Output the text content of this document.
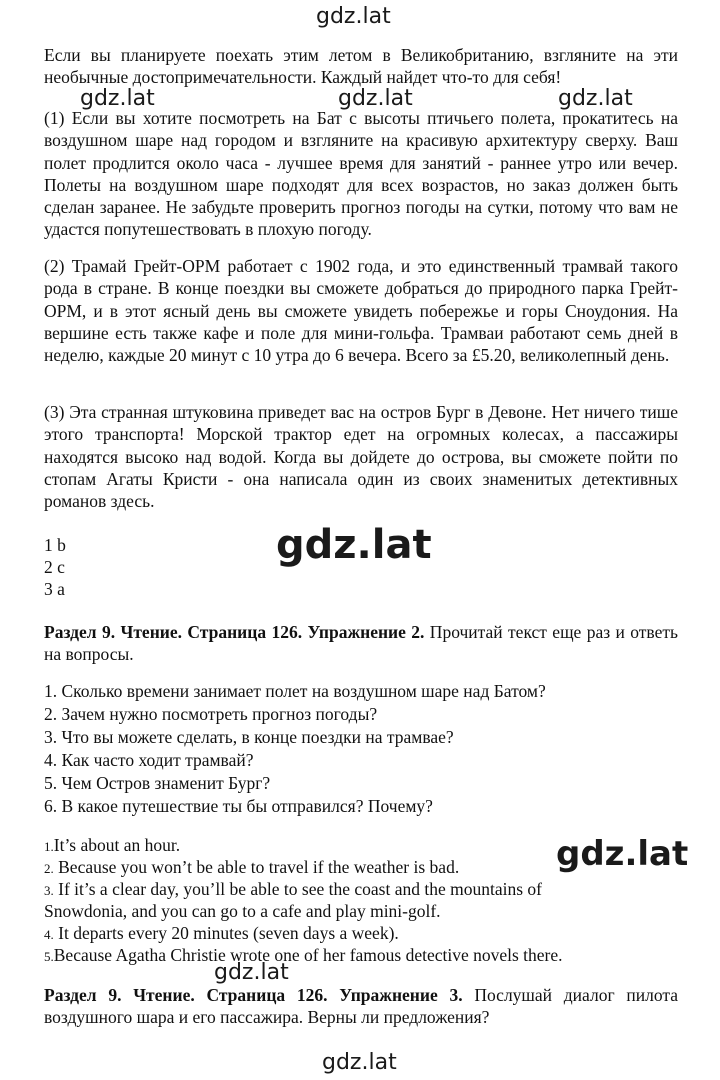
gdz.lat
gdz.lat	gdz.lat	gdz.lat
Если вы планируете поехать этим летом в Великобританию, взгляните на эти необычные достопримечательности. Каждый найдет что-то для себя!
(1) Если вы хотите посмотреть на Бат с высоты птичьего полета, прокатитесь на воздушном шаре над городом и взгляните на красивую архитектуру сверху. Ваш полет продлится около часа - лучшее время для занятий - раннее утро или вечер. Полеты на воздушном шаре подходят для всех возрастов, но заказ должен быть сделан заранее. Не забудьте проверить прогноз погоды на сутки, потому что вам не удастся попутешествовать в плохую погоду.
(2) Трамай Грейт-ОРМ работает с 1902 года, и это единственный трамвай такого рода в стране. В конце поездки вы сможете добраться до природного парка Грейт-ОРМ, и в этот ясный день вы сможете увидеть побережье и горы Сноудония. На вершине есть также кафе и поле для мини-гольфа. Трамваи работают семь дней в неделю, каждые 20 минут с 10 утра до 6 вечера. Всего за £5.20, великолепный день.
(3) Эта странная штуковина приведет вас на остров Бург в Девоне. Нет ничего тише этого транспорта! Морской трактор едет на огромных колесах, а пассажиры находятся высоко над водой. Когда вы дойдете до острова, вы сможете пойти по стопам Агаты Кристи - она написала один из своих знаменитых детективных романов здесь.
1 b
2 c
3 a
gdz.lat
Раздел 9. Чтение. Страница 126. Упражнение 2. Прочитай текст еще раз и ответь на вопросы.
1. Сколько времени занимает полет на воздушном шаре над Батом?
2. Зачем нужно посмотреть прогноз погоды?
3. Что вы можете сделать, в конце поездки на трамвае?
4. Как часто ходит трамвай?
5. Чем Остров знаменит Бург?
6. В какое путешествие ты бы отправился? Почему?
1.It’s about an hour.
2. Because you won’t be able to travel if the weather is bad.
3. If it’s a clear day, you’ll be able to see the coast and the mountains of
Snowdonia, and you can go to a cafe and play mini-golf.
4. It departs every 20 minutes (seven days a week).
5.Because Agatha Christie wrote one of her famous detective novels there.
gdz.lat
gdz.lat
Раздел 9. Чтение. Страница 126. Упражнение 3. Послушай диалог пилота воздушного шара и его пассажира. Верны ли предложения?
gdz.lat
